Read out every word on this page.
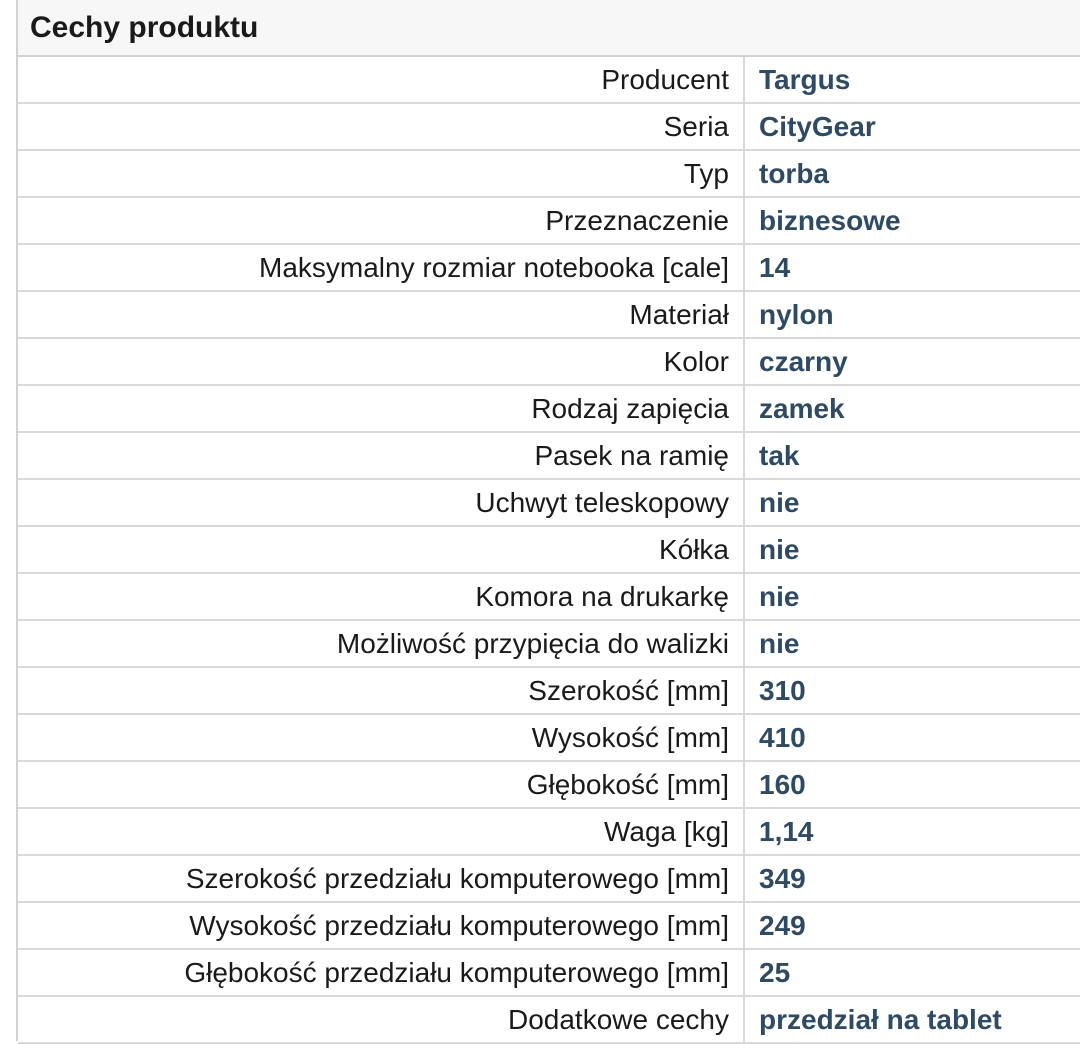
Cechy produktu
Producent	Targus
Seria	CityGear
Typ	torba
Przeznaczenie	biznesowe
Maksymalny rozmiar notebooka [cale]	14
Materiał	nylon
Kolor	czarny
Rodzaj zapięcia	zamek
Pasek na ramię	tak
Uchwyt teleskopowy	nie
Kółka	nie
Komora na drukarkę	nie
Możliwość przypięcia do walizki	nie
Szerokość [mm]	310
Wysokość [mm]	410
Głębokość [mm]	160
Waga [kg]	1,14
Szerokość przedziału komputerowego [mm]	349
Wysokość przedziału komputerowego [mm]	249
Głębokość przedziału komputerowego [mm]	25
Dodatkowe cechy	przedział na tablet
